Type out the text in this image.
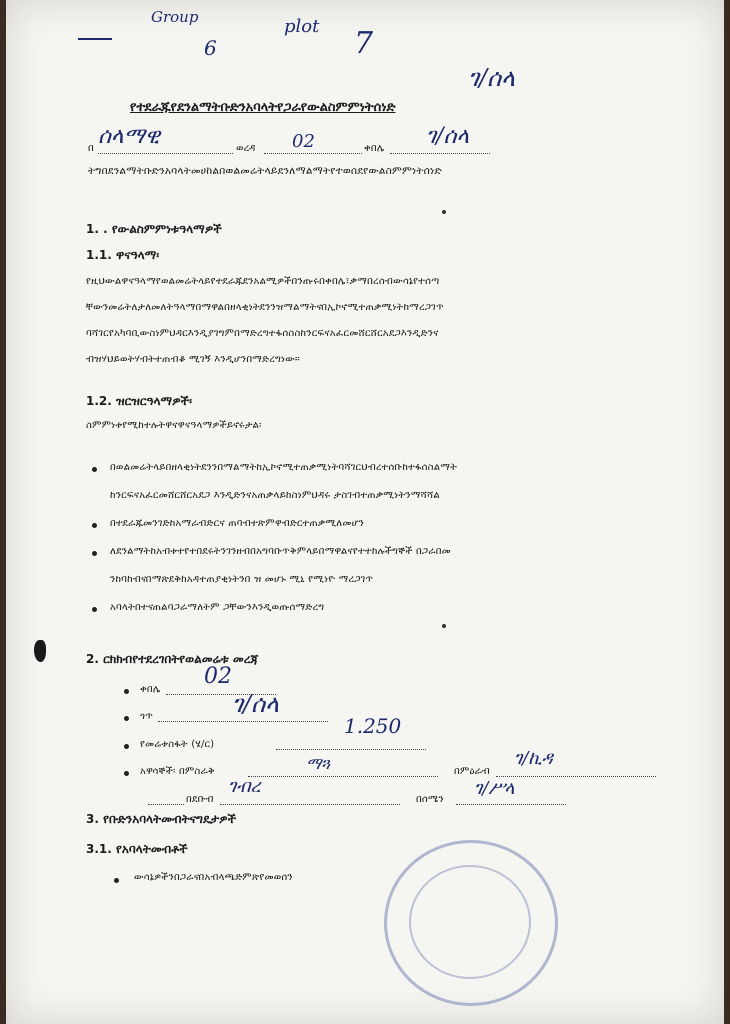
Group
6
plot 7
ገ/ሰላ
የተደራጁየደንልማትቡድንአባላትየጋራየውልስምምነትሰነድ
በ ሰላማዊ	ወረዳ 02	ቀበሌ ገ/ሰላ
ትግበደንልማትቡድንአባላትመሀከልበወልመሬትላይደንለማልማትየተወሰደየውልስምምነትሰነድ
1. . የውልስምምነቱዓላማዎች
1.1. ዋናዓላማ፡
የዚህውልዋናዓላማየወልመሬትላይየተደራጁደንአልሚዎችበንጡሩበቀበሌ፣ቃማበረሰብውሳኔየተሰጣ
ቸውንመሬትለታለመለትዓላማበማዋልበዘላቂነትደንንዝማልማትናበኢኮኖሚተጠቃሚነትከማረጋገጥ
ባሻገርየአካባቢውስነምህዳርእንዲያገግምበማድረግተፋሰስስከንርፍናአፈርመሸርሸርአደጋእንዲድንና
ብዝሃህይወትሃብትተጠብቆ ሚገኝ እንዲሆንበማድረግነው።
1.2. ዝርዝርዓላማዎች፡
ስምምነቱየሚከተሉትዋናዋናዓላማዎችይኖሩታል፡
በወልመሬትላይበዘላቂነትደንንበማልማትከኢኮኖሚተጠቃሚነትባሻገርህብረተሰቡከተፋሰስልማት
ከንርፍናአፈርመሸርሸርአደጋ እንዲድንናአጠቃላይከስነምህዳሩ ታስገብተጠቃሚነትንማሻሻል
በተደራጁመንገድከአማራብድርና ጠባብተጽምዋብድርተጠቃሚለመሆን
ለደንልማትከአብቱተየተበደሩትንገንዘብበአግባቡጥቅምላይበማዋልናየተተከሉችግኞች በጋራበመ
ንከባከብናበማጽደቅከአዳተጠያቂነትንበ ዝ መሆኑ ሚኒ የሚነዮ ማረጋገጥ
አባላትበተናጠልባጋራማለትም ጋቸውንእንዲወጡሰማድረግ
2. ርክክብየተደረገበትየወልመሬቱ መረጃ
ቀበሌ
02
ጎጥ	ገ/ሰላ
የመሬቱስፋት (ሄ/ር)
1.250
አዋሳኞች፡ በምስራቅ	ማጓ	በምዕራብ
ገ/ኪዳ
በደቡብ
ገብረ
በሰሜን
ገ/ሥላ
3. የቡድንአባላትመብትናግዴታዎች
3.1. የአባላትመብቶች
ውሳኔዎችንበጋራናበአብላጫድምጽየመወሰን
